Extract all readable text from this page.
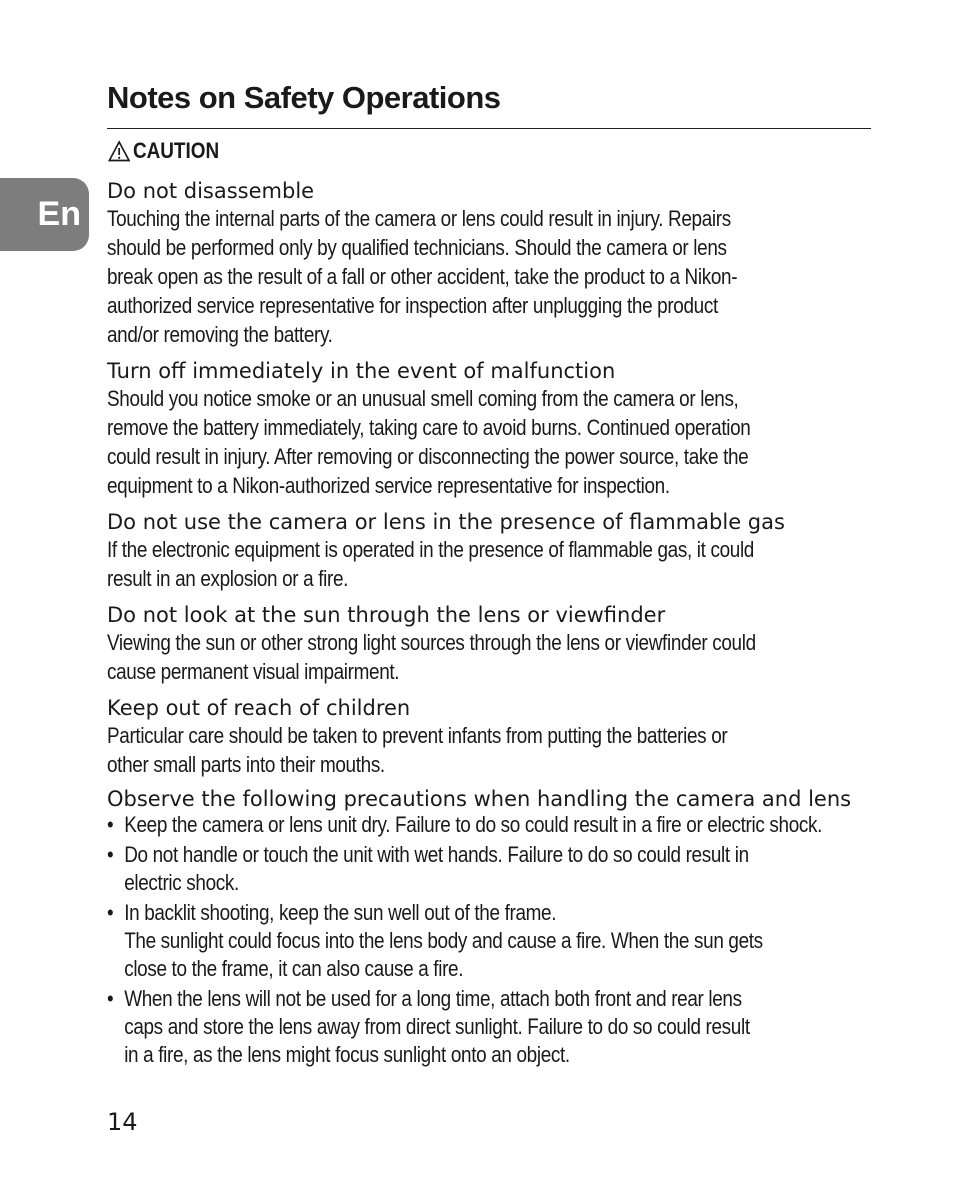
En
Notes on Safety Operations
CAUTION
Do not disassemble
Touching the internal parts of the camera or lens could result in injury. Repairs
should be performed only by qualified technicians. Should the camera or lens
break open as the result of a fall or other accident, take the product to a Nikon-
authorized service representative for inspection after unplugging the product
and/or removing the battery.
Turn off immediately in the event of malfunction
Should you notice smoke or an unusual smell coming from the camera or lens,
remove the battery immediately, taking care to avoid burns. Continued operation
could result in injury. After removing or disconnecting the power source, take the
equipment to a Nikon-authorized service representative for inspection.
Do not use the camera or lens in the presence of flammable gas
If the electronic equipment is operated in the presence of flammable gas, it could
result in an explosion or a fire.
Do not look at the sun through the lens or viewfinder
Viewing the sun or other strong light sources through the lens or viewfinder could
cause permanent visual impairment.
Keep out of reach of children
Particular care should be taken to prevent infants from putting the batteries or
other small parts into their mouths.
Observe the following precautions when handling the camera and lens
• Keep the camera or lens unit dry. Failure to do so could result in a fire or electric shock.
• Do not handle or touch the unit with wet hands. Failure to do so could result in
electric shock.
• In backlit shooting, keep the sun well out of the frame.
The sunlight could focus into the lens body and cause a fire. When the sun gets
close to the frame, it can also cause a fire.
• When the lens will not be used for a long time, attach both front and rear lens
caps and store the lens away from direct sunlight. Failure to do so could result
in a fire, as the lens might focus sunlight onto an object.
14
